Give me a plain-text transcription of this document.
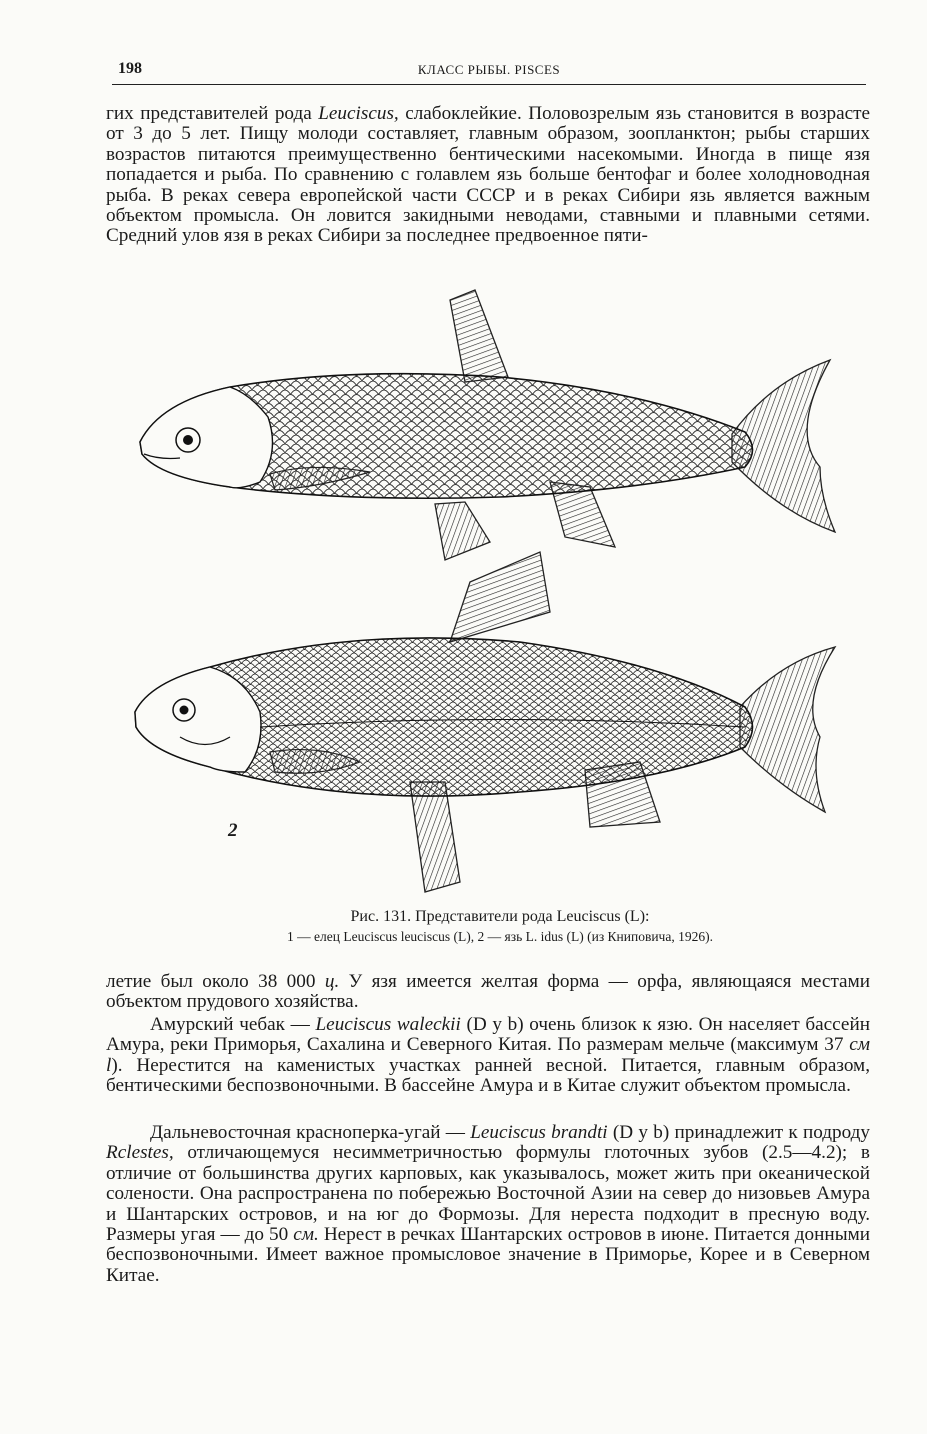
198	КЛАСС РЫБЫ. PISCES

гих представителей рода Leuciscus, слабоклейкие. Половозрелым язь становится в возрасте от 3 до 5 лет. Пищу молоди составляет, главным образом, зоопланктон; рыбы старших возрастов питаются преимущественно бентическими насекомыми. Иногда в пище язя попадается и рыба. По сравнению с голавлем язь больше бентофаг и более холодноводная рыба. В реках севера европейской части СССР и в реках Сибири язь является важным объектом промысла. Он ловится закидными неводами, ставными и плавными сетями. Средний улов язя в реках Сибири за последнее предвоенное пяти-

2

Рис. 131. Представители рода Leuciscus (L):

1 — елец Leuciscus leuciscus (L), 2 — язь L. idus (L) (из Книповича, 1926).

летие был около 38 000 ц. У язя имеется желтая форма — орфа, являющаяся местами объектом прудового хозяйства.

Амурский чебак — Leuciscus waleckii (D y b) очень близок к язю. Он населяет бассейн Амура, реки Приморья, Сахалина и Северного Китая. По размерам мельче (максимум 37 см l). Нерестится на каменистых участках ранней весной. Питается, главным образом, бентическими беспозвоночными. В бассейне Амура и в Китае служит объектом промысла.

Дальневосточная красноперка-угай — Leuciscus brandti (D y b) принадлежит к подроду Rclestes, отличающемуся несимметричностью формулы глоточных зубов (2.5—4.2); в отличие от большинства других карповых, как указывалось, может жить при океанической солености. Она распространена по побережью Восточной Азии на север до низовьев Амура и Шантарских островов, и на юг до Формозы. Для нереста подходит в пресную воду. Размеры угая — до 50 см. Нерест в речках Шантарских островов в июне. Питается донными беспозвоночными. Имеет важное промысловое значение в Приморье, Корее и в Северном Китае.
